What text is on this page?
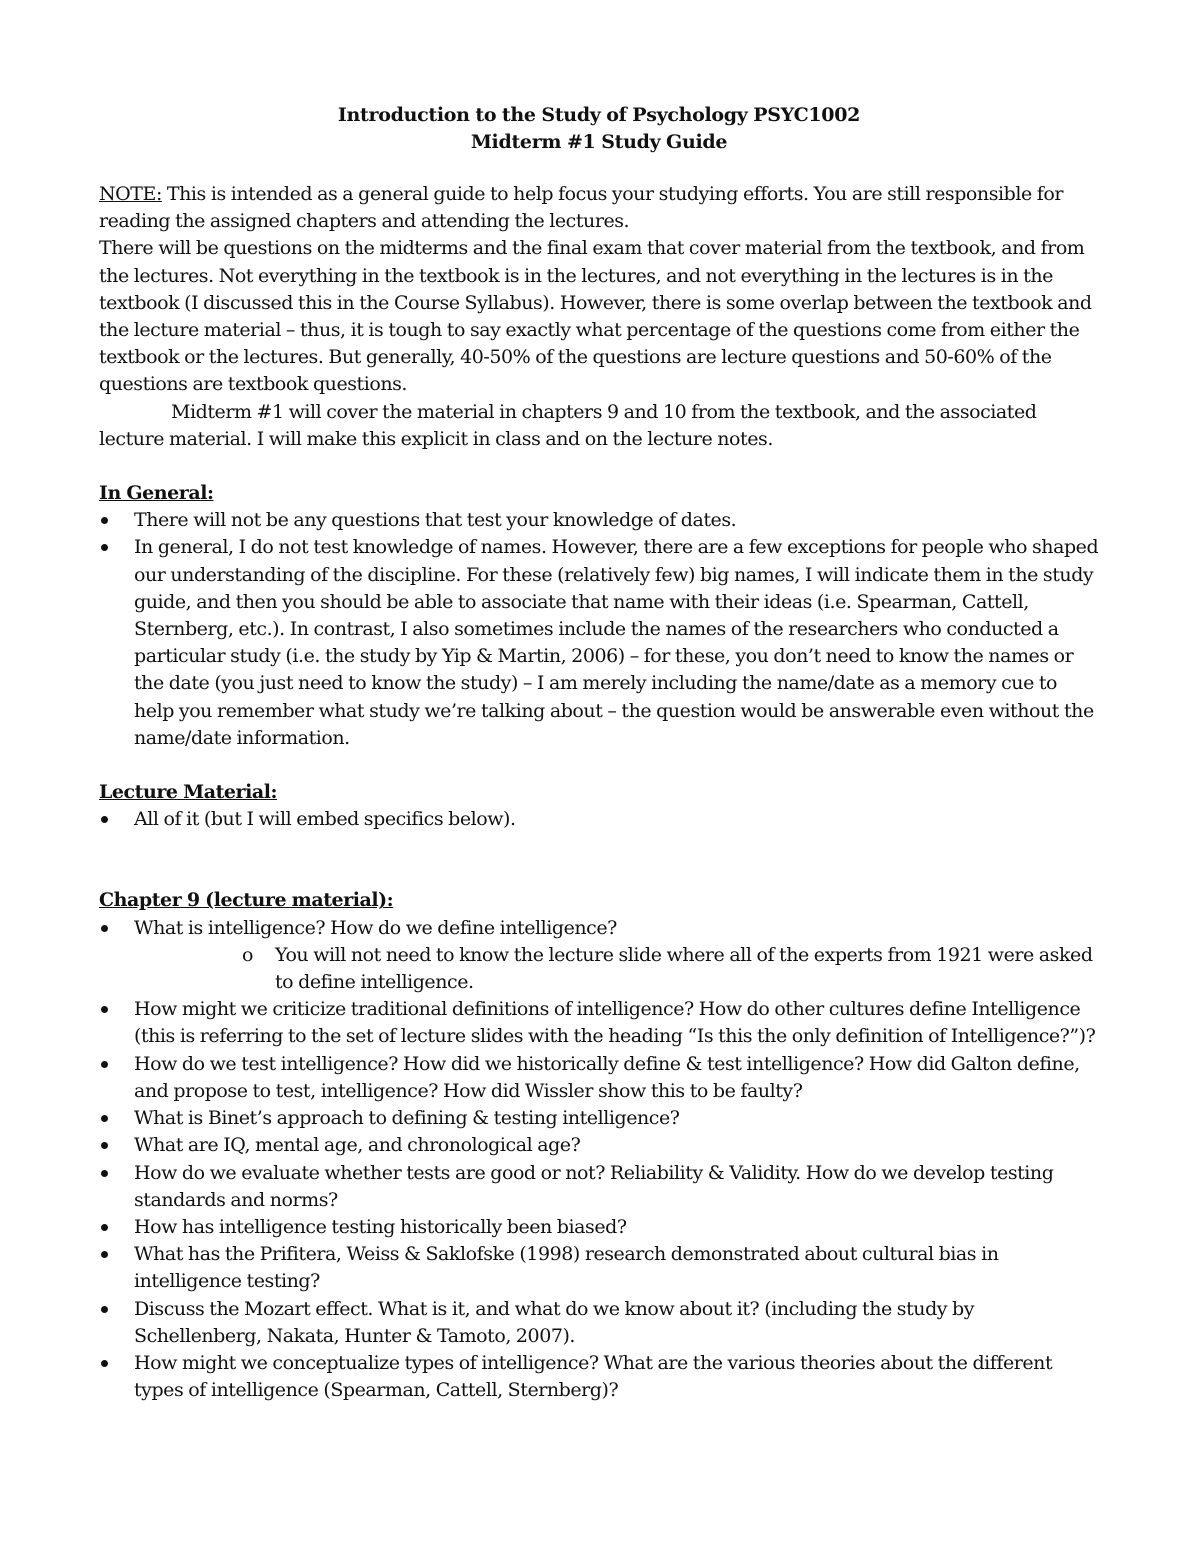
Introduction to the Study of Psychology PSYC1002
Midterm #1 Study Guide

NOTE: This is intended as a general guide to help focus your studying efforts. You are still responsible for reading the assigned chapters and attending the lectures.

There will be questions on the midterms and the final exam that cover material from the textbook, and from the lectures. Not everything in the textbook is in the lectures, and not everything in the lectures is in the textbook (I discussed this in the Course Syllabus). However, there is some overlap between the textbook and the lecture material – thus, it is tough to say exactly what percentage of the questions come from either the textbook or the lectures. But generally, 40-50% of the questions are lecture questions and 50-60% of the questions are textbook questions.

Midterm #1 will cover the material in chapters 9 and 10 from the textbook, and the associated lecture material. I will make this explicit in class and on the lecture notes.

In General:

There will not be any questions that test your knowledge of dates.
In general, I do not test knowledge of names. However, there are a few exceptions for people who shaped our understanding of the discipline. For these (relatively few) big names, I will indicate them in the study guide, and then you should be able to associate that name with their ideas (i.e. Spearman, Cattell, Sternberg, etc.). In contrast, I also sometimes include the names of the researchers who conducted a particular study (i.e. the study by Yip & Martin, 2006) – for these, you don’t need to know the names or the date (you just need to know the study) – I am merely including the name/date as a memory cue to help you remember what study we’re talking about – the question would be answerable even without the name/date information.

Lecture Material:

All of it (but I will embed specifics below).

Chapter 9 (lecture material):

What is intelligence? How do we define intelligence?
o You will not need to know the lecture slide where all of the experts from 1921 were asked to define intelligence.
How might we criticize traditional definitions of intelligence? How do other cultures define Intelligence (this is referring to the set of lecture slides with the heading “Is this the only definition of Intelligence?”)?
How do we test intelligence? How did we historically define & test intelligence? How did Galton define, and propose to test, intelligence? How did Wissler show this to be faulty?
What is Binet’s approach to defining & testing intelligence?
What are IQ, mental age, and chronological age?
How do we evaluate whether tests are good or not? Reliability & Validity. How do we develop testing standards and norms?
How has intelligence testing historically been biased?
What has the Prifitera, Weiss & Saklofske (1998) research demonstrated about cultural bias in intelligence testing?
Discuss the Mozart effect. What is it, and what do we know about it? (including the study by Schellenberg, Nakata, Hunter & Tamoto, 2007).
How might we conceptualize types of intelligence? What are the various theories about the different types of intelligence (Spearman, Cattell, Sternberg)?
